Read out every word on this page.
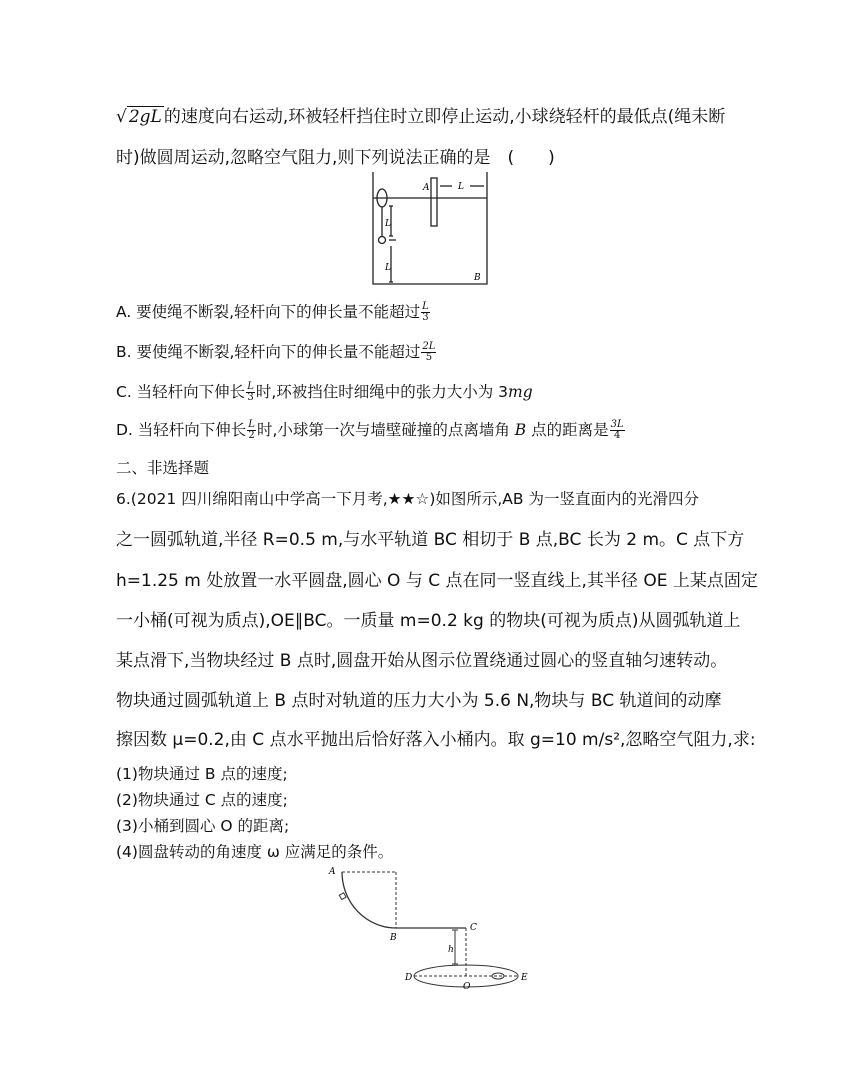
√ 2gL 的速度向右运动,环被轻杆挡住时立即停止运动,小球绕轻杆的最低点(绳未断
时)做圆周运动,忽略空气阻力,则下列说法正确的是　(　　)
A	L
L
L
B
A. 要使绳不断裂,轻杆向下的伸长量不能超过 $\frac{L}{3}$
B. 要使绳不断裂,轻杆向下的伸长量不能超过 $\frac{2L}{5}$
C. 当轻杆向下伸长 $\frac{L}{3}$ 时,环被挡住时细绳中的张力大小为 3mg
D. 当轻杆向下伸长 $\frac{L}{2}$ 时,小球第一次与墙壁碰撞的点离墙角 B 点的距离是 $\frac{3L}{4}$
二、非选择题
6.(2021 四川绵阳南山中学高一下月考,★★☆)如图所示,AB 为一竖直面内的光滑四分
之一圆弧轨道,半径 R=0.5 m,与水平轨道 BC 相切于 B 点,BC 长为 2 m。C 点下方
h=1.25 m 处放置一水平圆盘,圆心 O 与 C 点在同一竖直线上,其半径 OE 上某点固定
一小桶(可视为质点),OE∥BC。一质量 m=0.2 kg 的物块(可视为质点)从圆弧轨道上
某点滑下,当物块经过 B 点时,圆盘开始从图示位置绕通过圆心的竖直轴匀速转动。
物块通过圆弧轨道上 B 点时对轨道的压力大小为 5.6 N,物块与 BC 轨道间的动摩
擦因数 μ=0.2,由 C 点水平抛出后恰好落入小桶内。取 g=10 m/s²,忽略空气阻力,求:
(1)物块通过 B 点的速度;
(2)物块通过 C 点的速度;
(3)小桶到圆心 O 的距离;
(4)圆盘转动的角速度 ω 应满足的条件。
A
B
C
h
D	E
O
